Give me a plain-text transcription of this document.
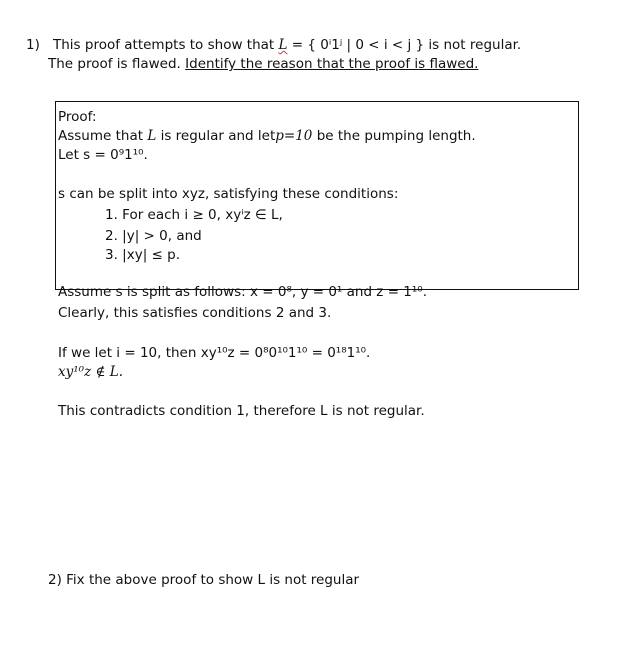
1) This proof attempts to show that L = { 0ⁱ1ʲ | 0 < i < j } is not regular.
The proof is flawed. Identify the reason that the proof is flawed.
Proof:
Assume that L is regular and letp=10 be the pumping length.
Let s = 0⁹1¹⁰.
s can be split into xyz, satisfying these conditions:
1. For each i ≥ 0, xyⁱz ∈ L,
2. |y| > 0, and
3. |xy| ≤ p.
Assume s is split as follows: x = 0⁸, y = 0¹ and z = 1¹⁰.
Clearly, this satisfies conditions 2 and 3.
If we let i = 10, then xy¹⁰z = 0⁸0¹⁰1¹⁰ = 0¹⁸1¹⁰.
xy¹⁰z ∉ L.
This contradicts condition 1, therefore L is not regular.
2) Fix the above proof to show L is not regular
